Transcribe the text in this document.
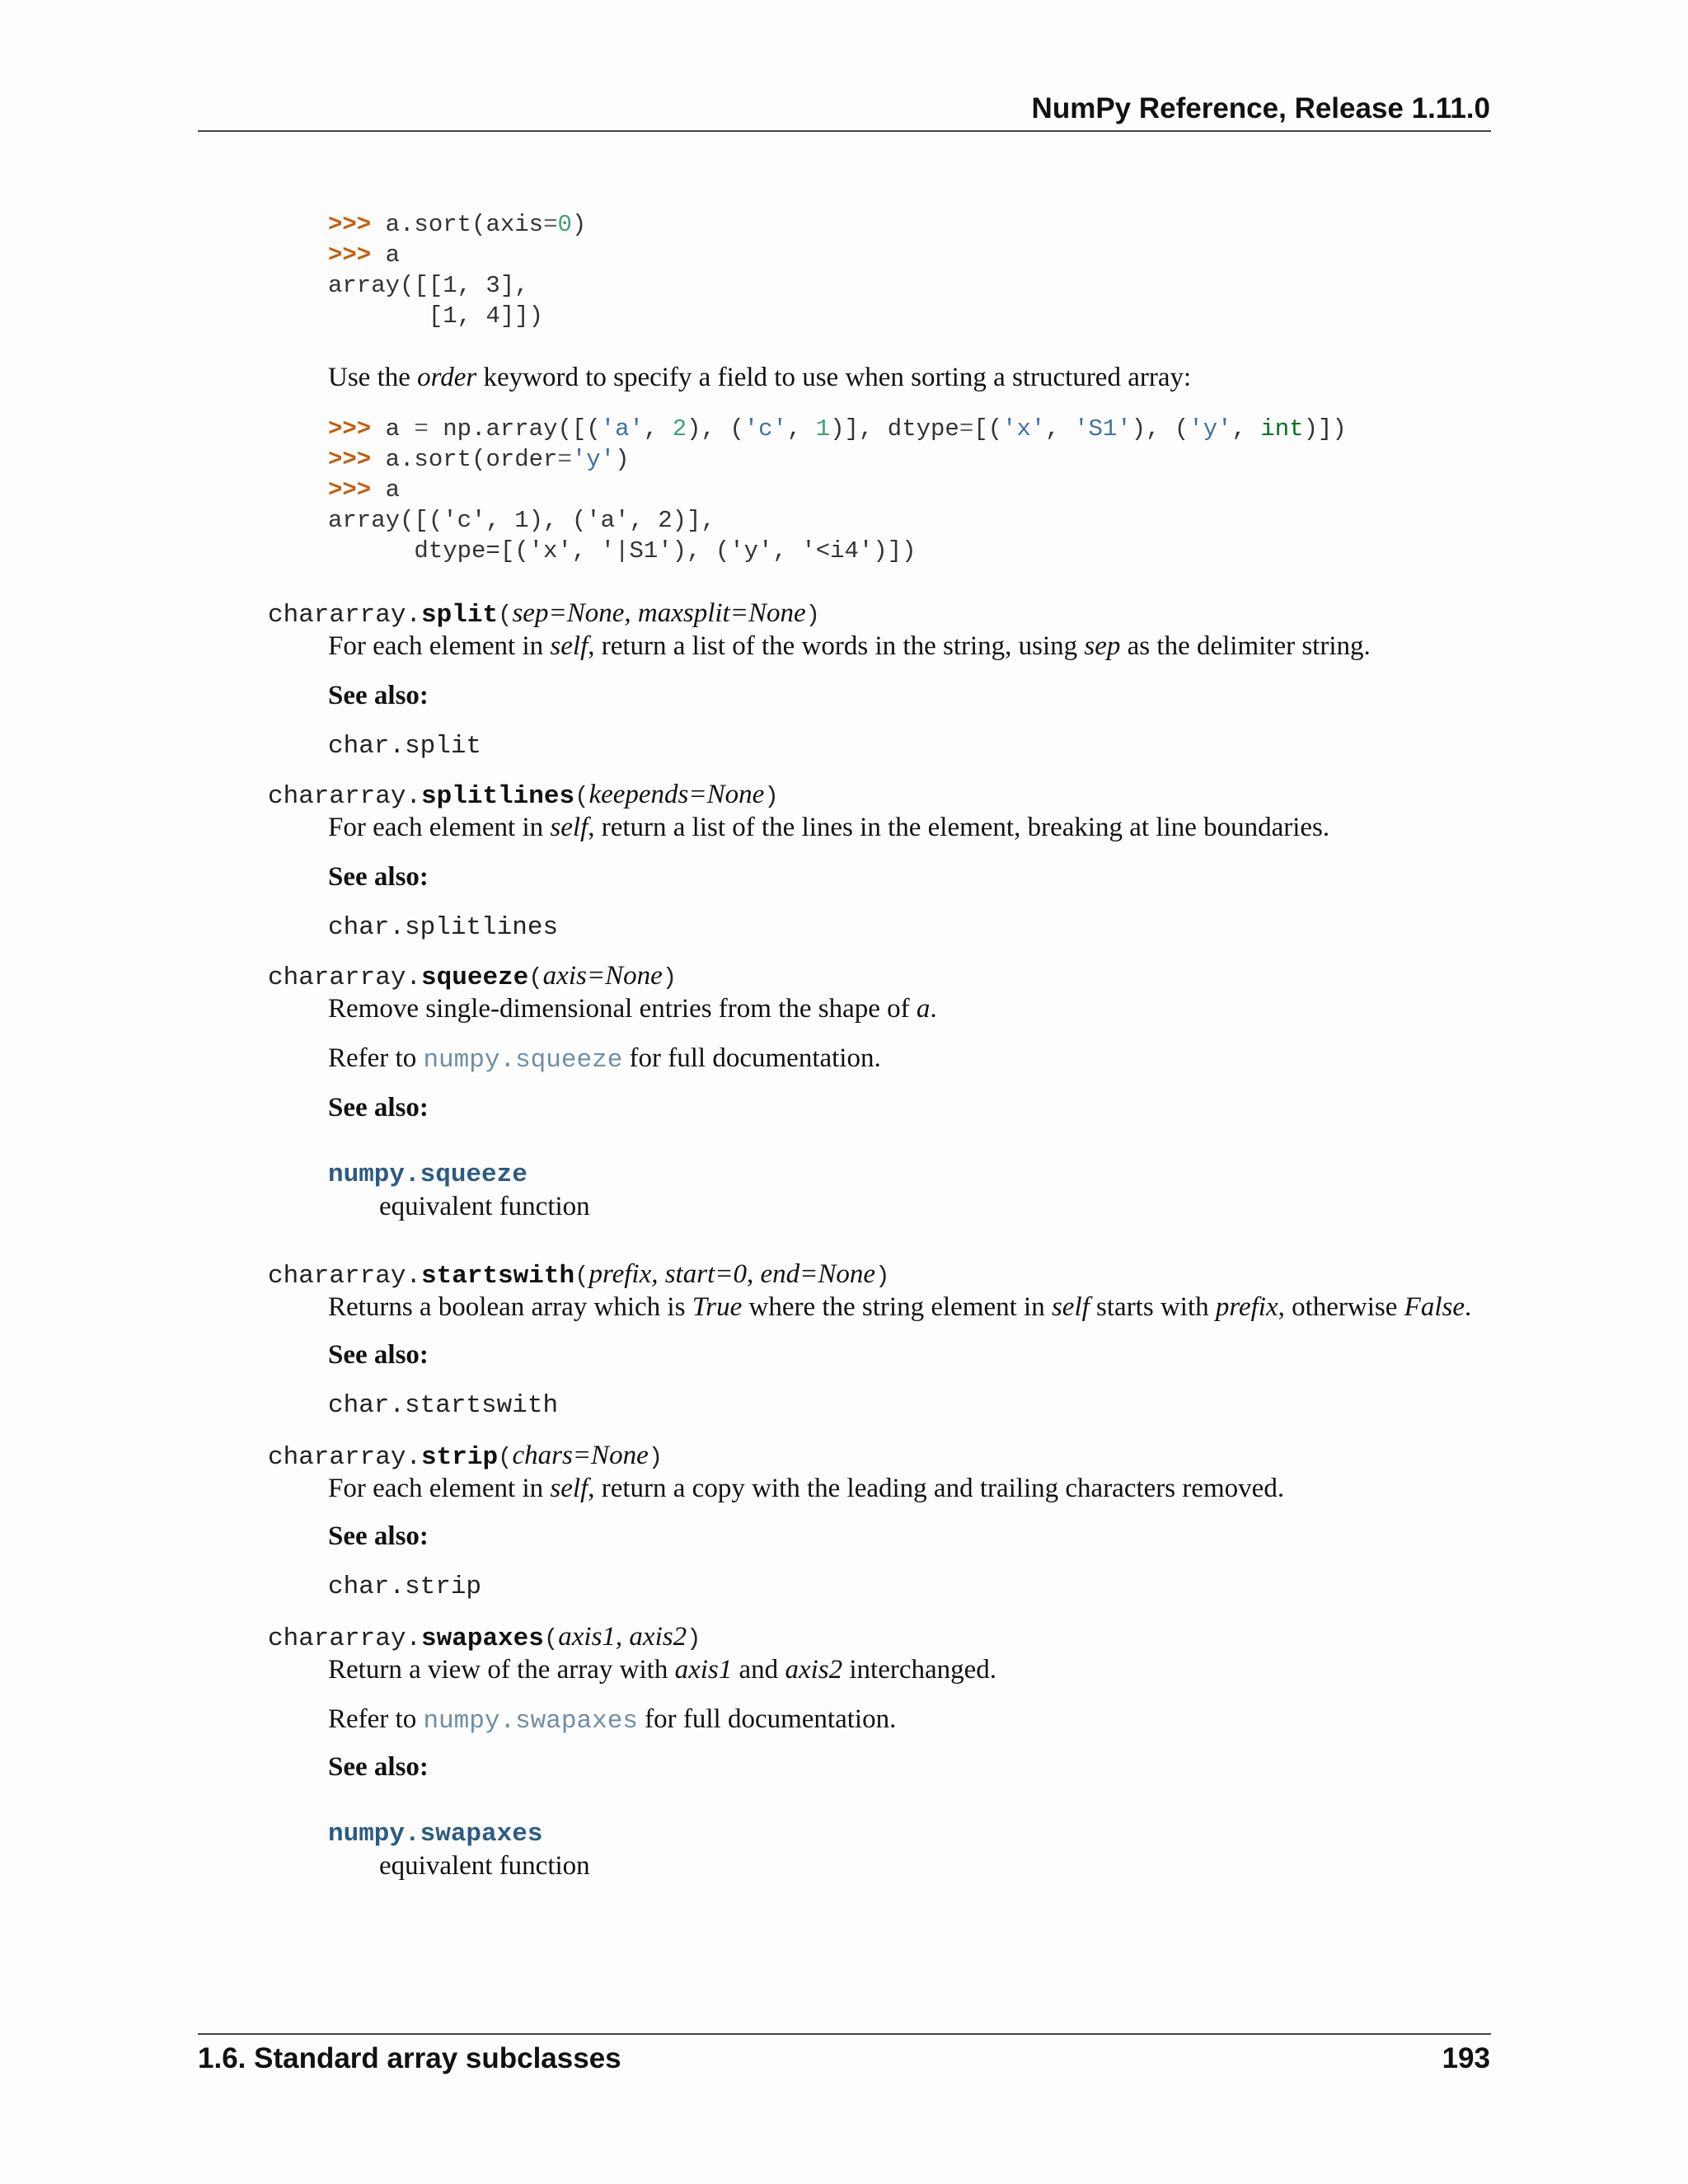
NumPy Reference, Release 1.11.0
>>> a.sort(axis=0)
>>> a
array([[1, 3],
[1, 4]])
Use the order keyword to specify a field to use when sorting a structured array:
>>> a = np.array([('a', 2), ('c', 1)], dtype=[('x', 'S1'), ('y', int)])
>>> a.sort(order='y')
>>> a
array([('c', 1), ('a', 2)],
dtype=[('x', '|S1'), ('y', '<i4')])
chararray.split(sep=None, maxsplit=None)
For each element in self, return a list of the words in the string, using sep as the delimiter string.
See also:
char.split
chararray.splitlines(keepends=None)
For each element in self, return a list of the lines in the element, breaking at line boundaries.
See also:
char.splitlines
chararray.squeeze(axis=None)
Remove single-dimensional entries from the shape of a.
Refer to numpy.squeeze for full documentation.
See also:
numpy.squeeze
equivalent function
chararray.startswith(prefix, start=0, end=None)
Returns a boolean array which is True where the string element in self starts with prefix, otherwise False.
See also:
char.startswith
chararray.strip(chars=None)
For each element in self, return a copy with the leading and trailing characters removed.
See also:
char.strip
chararray.swapaxes(axis1, axis2)
Return a view of the array with axis1 and axis2 interchanged.
Refer to numpy.swapaxes for full documentation.
See also:
numpy.swapaxes
equivalent function
1.6. Standard array subclasses	193
